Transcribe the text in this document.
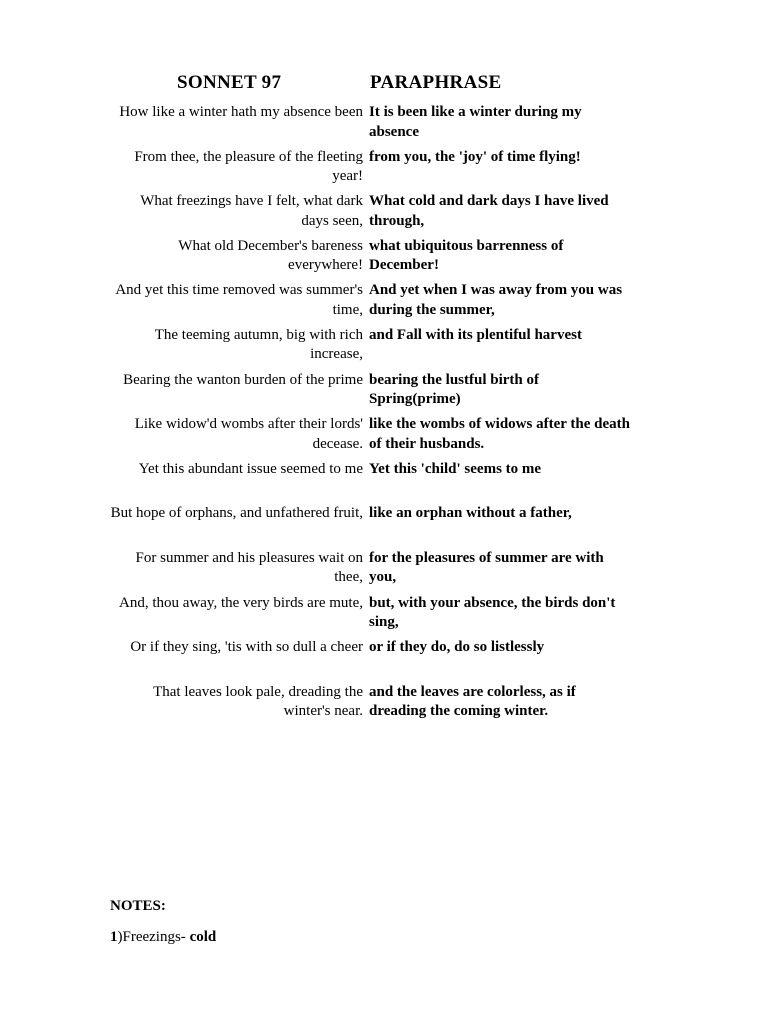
SONNET 97	PARAPHRASE
How like a winter hath my absence been It is been like a winter during my absence
From thee, the pleasure of the fleeting year!
from you, the 'joy' of time flying!
What freezings have I felt, what dark days seen,
What cold and dark days I have lived through,
What old December's bareness everywhere!
what ubiquitous barrenness of December!
And yet this time removed was summer's time,
And yet when I was away from you was during the summer,
The teeming autumn, big with rich increase,
and Fall with its plentiful harvest
Bearing the wanton burden of the prime bearing the lustful birth of Spring(prime)
Like widow'd wombs after their lords' decease.
like the wombs of widows after the death of their husbands.
Yet this abundant issue seemed to me Yet this 'child' seems to me
But hope of orphans, and unfathered fruit, like an orphan without a father,
For summer and his pleasures wait on thee,
for the pleasures of summer are with you,
And, thou away, the very birds are mute, but, with your absence, the birds don't sing,
Or if they sing, 'tis with so dull a cheer or if they do, do so listlessly
That leaves look pale, dreading the winter's near.
and the leaves are colorless, as if dreading the coming winter.
NOTES:
1)Freezings- cold
